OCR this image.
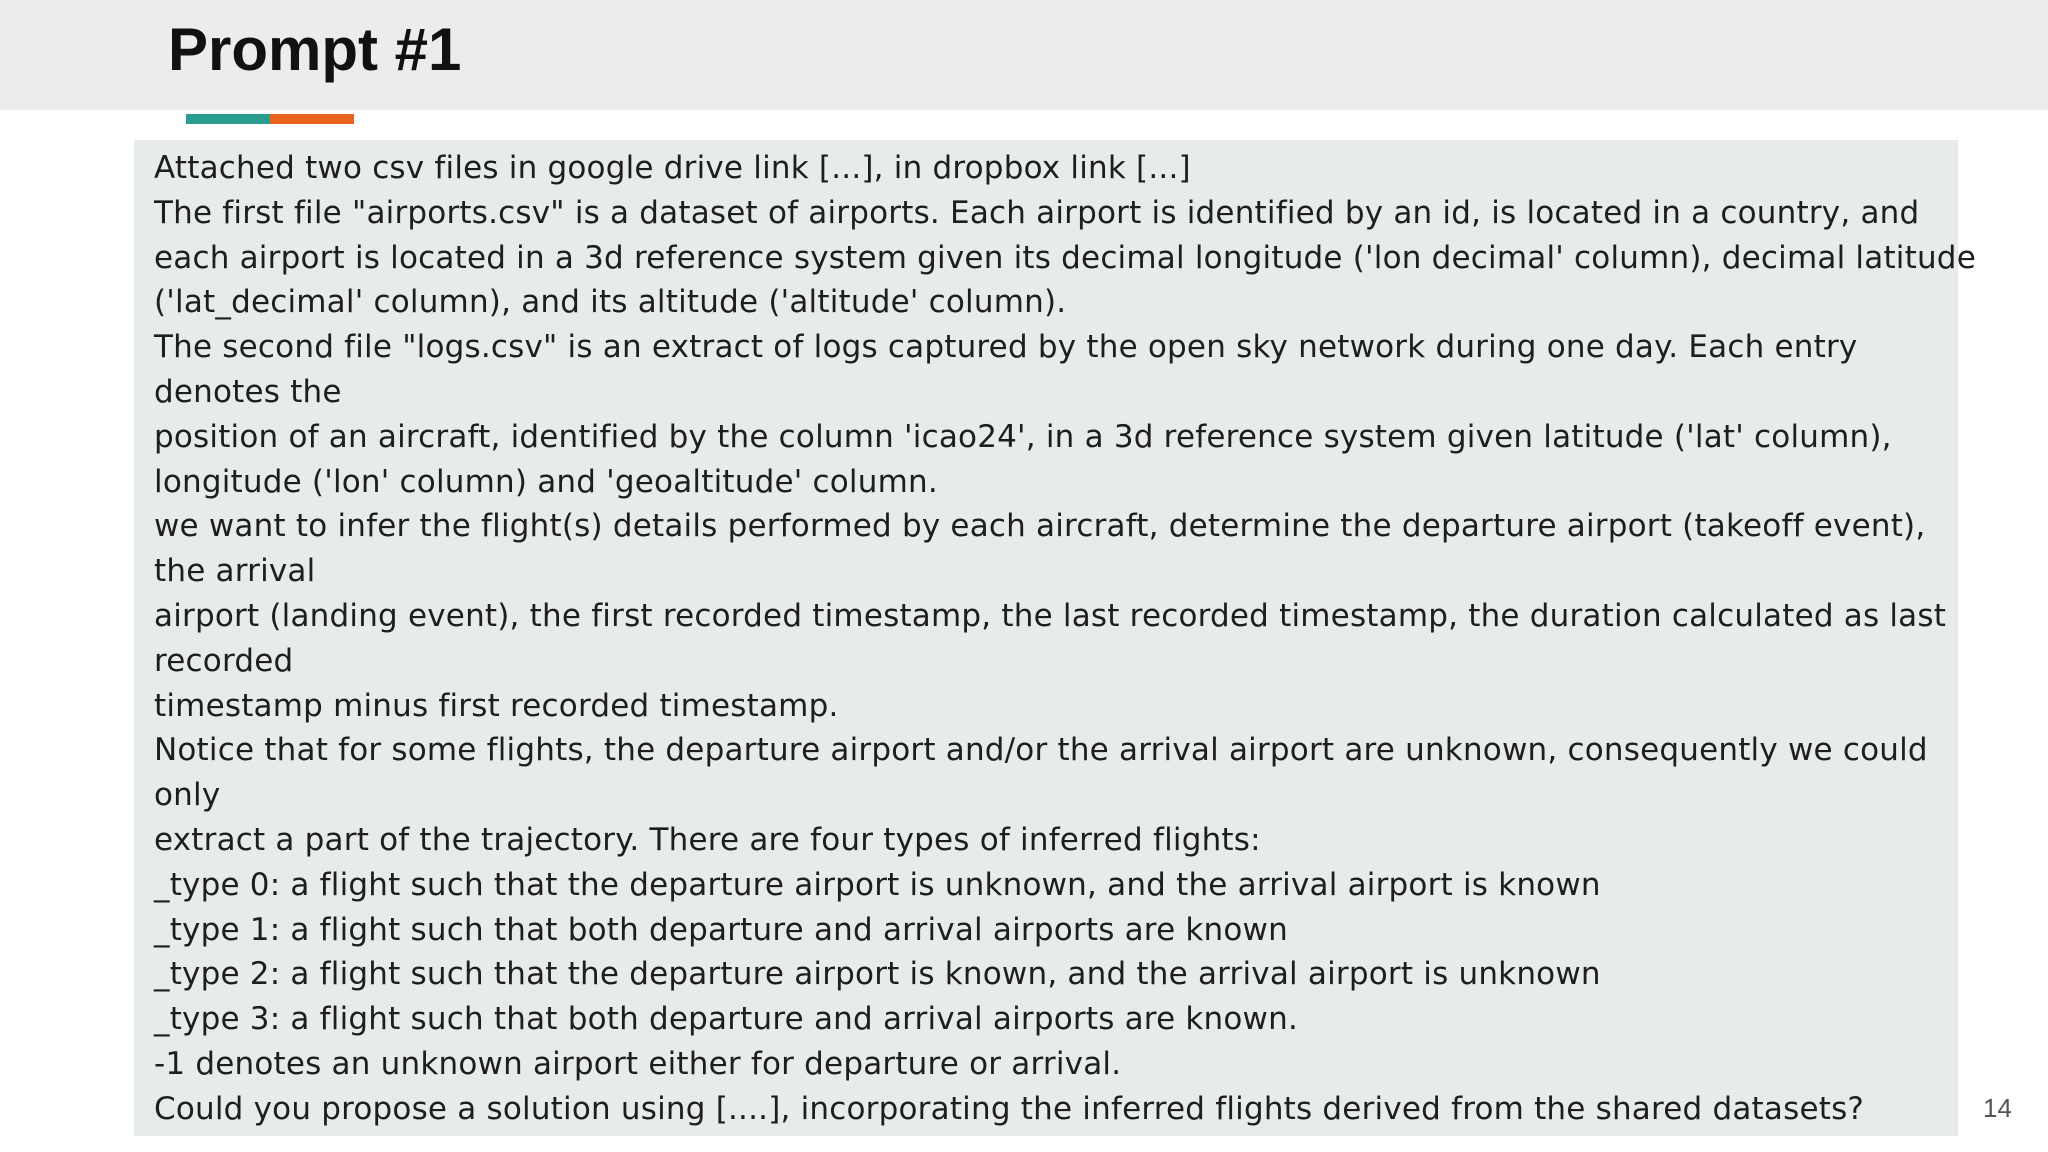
Prompt #1
Attached two csv files in google drive link [...], in dropbox link [...]
The first file "airports.csv" is a dataset of airports. Each airport is identified by an id, is located in a country, and
each airport is located in a 3d reference system given its decimal longitude ('lon decimal' column), decimal latitude
('lat_decimal' column), and its altitude ('altitude' column).
The second file "logs.csv" is an extract of logs captured by the open sky network during one day. Each entry
denotes the
position of an aircraft, identified by the column 'icao24', in a 3d reference system given latitude ('lat' column),
longitude ('lon' column) and 'geoaltitude' column.
we want to infer the flight(s) details performed by each aircraft, determine the departure airport (takeoff event),
the arrival
airport (landing event), the first recorded timestamp, the last recorded timestamp, the duration calculated as last
recorded
timestamp minus first recorded timestamp.
Notice that for some flights, the departure airport and/or the arrival airport are unknown, consequently we could
only
extract a part of the trajectory. There are four types of inferred flights:
_type 0: a flight such that the departure airport is unknown, and the arrival airport is known
_type 1: a flight such that both departure and arrival airports are known
_type 2: a flight such that the departure airport is known, and the arrival airport is unknown
_type 3: a flight such that both departure and arrival airports are known.
-1 denotes an unknown airport either for departure or arrival.
Could you propose a solution using [....], incorporating the inferred flights derived from the shared datasets?	14
